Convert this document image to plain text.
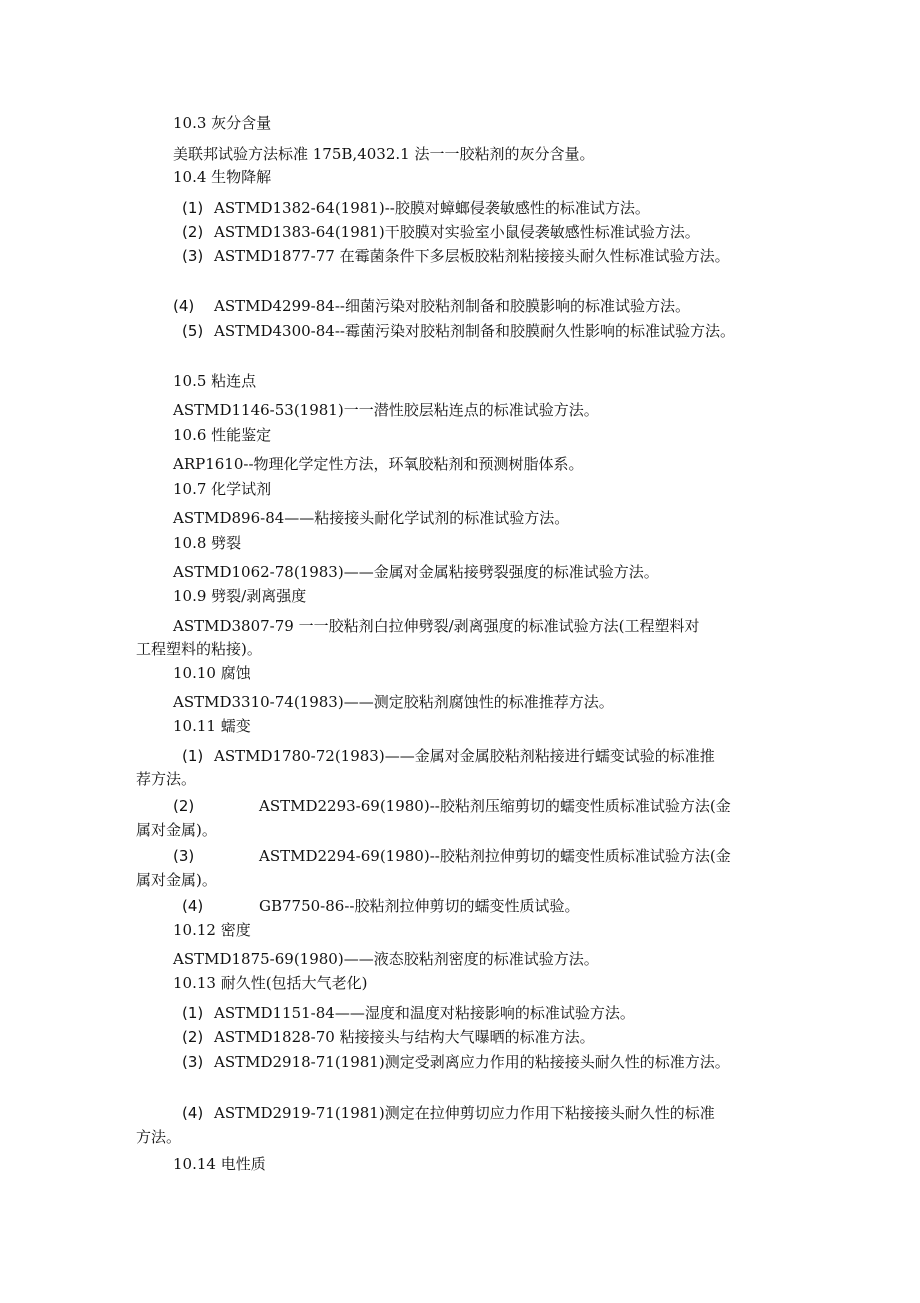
10.3 灰分含量
美联邦试验方法标准 175B,4032.1 法一一胶粘剂的灰分含量。
10.4 生物降解
(1) ASTMD1382-64(1981)--胶膜对蟑螂侵袭敏感性的标准试方法。
(2) ASTMD1383-64(1981)干胶膜对实验室小鼠侵袭敏感性标准试验方法。
(3) ASTMD1877-77 在霉菌条件下多层板胶粘剂粘接接头耐久性标准试验方法。
(4) ASTMD4299-84--细菌污染对胶粘剂制备和胶膜影响的标准试验方法。
(5) ASTMD4300-84--霉菌污染对胶粘剂制备和胶膜耐久性影响的标准试验方法。
10.5 粘连点
ASTMD1146-53(1981)一一潜性胶层粘连点的标准试验方法。
10.6 性能鉴定
ARP1610--物理化学定性方法，环氧胶粘剂和预测树脂体系。
10.7 化学试剂
ASTMD896-84——粘接接头耐化学试剂的标准试验方法。
10.8 劈裂
ASTMD1062-78(1983)——金属对金属粘接劈裂强度的标准试验方法。
10.9 劈裂/剥离强度
ASTMD3807-79 一一胶粘剂白拉伸劈裂/剥离强度的标准试验方法(工程塑料对
工程塑料的粘接)。
10.10 腐蚀
ASTMD3310-74(1983)——测定胶粘剂腐蚀性的标准推荐方法。
10.11 蠕变
(1) ASTMD1780-72(1983)——金属对金属胶粘剂粘接进行蠕变试验的标准推
荐方法。
(2)	ASTMD2293-69(1980)--胶粘剂压缩剪切的蠕变性质标准试验方法(金
属对金属)。
(3)	ASTMD2294-69(1980)--胶粘剂拉伸剪切的蠕变性质标准试验方法(金
属对金属)。
(4)	GB7750-86--胶粘剂拉伸剪切的蠕变性质试验。
10.12 密度
ASTMD1875-69(1980)——液态胶粘剂密度的标准试验方法。
10.13 耐久性(包括大气老化)
(1) ASTMD1151-84——湿度和温度对粘接影响的标准试验方法。
(2) ASTMD1828-70 粘接接头与结构大气曝晒的标准方法。
(3) ASTMD2918-71(1981)测定受剥离应力作用的粘接接头耐久性的标准方法。
(4) ASTMD2919-71(1981)测定在拉伸剪切应力作用下粘接接头耐久性的标准
方法。
10.14 电性质
